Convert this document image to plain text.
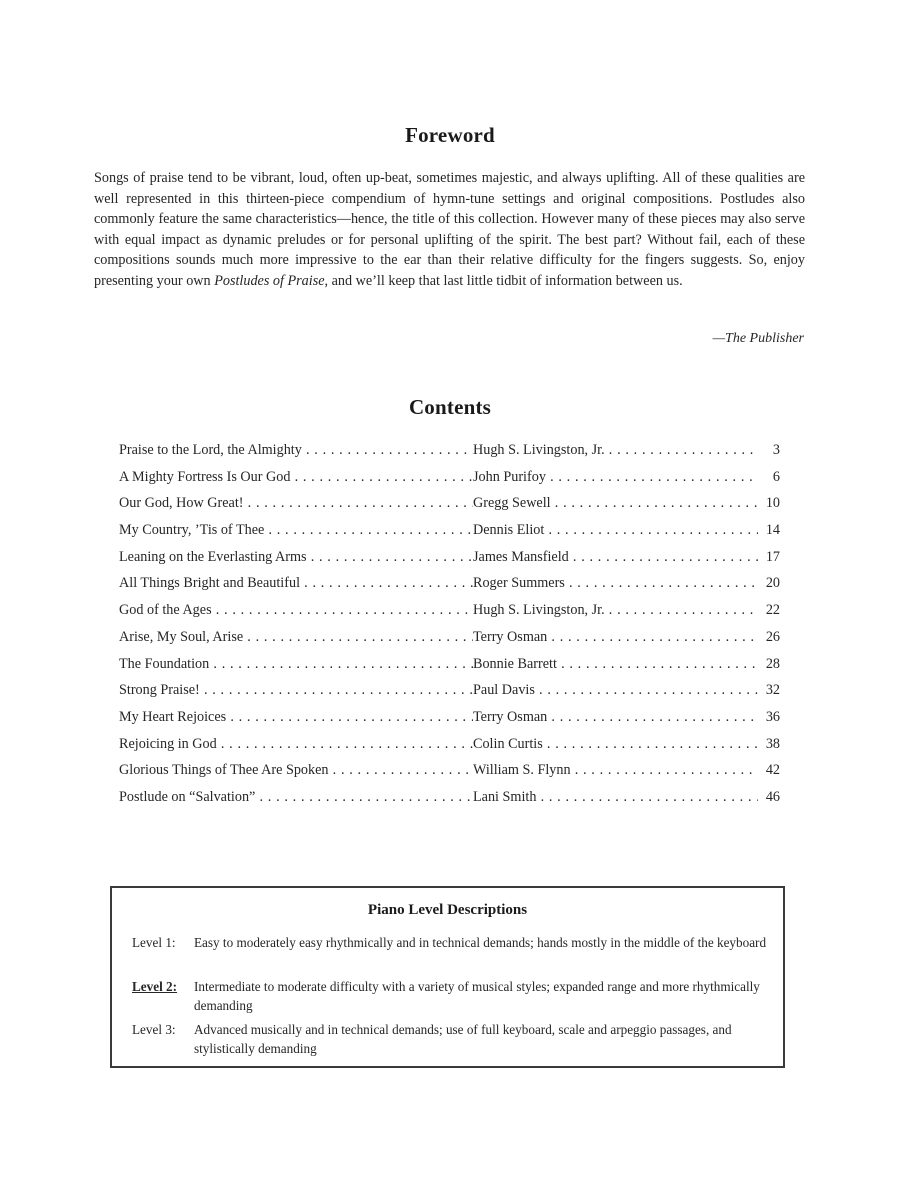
Foreword
Songs of praise tend to be vibrant, loud, often up-beat, sometimes majestic, and always uplifting. All of these qualities are well represented in this thirteen-piece compendium of hymn-tune settings and original compositions. Postludes also commonly feature the same characteristics—hence, the title of this collection. However many of these pieces may also serve with equal impact as dynamic preludes or for personal uplifting of the spirit. The best part? Without fail, each of these compositions sounds much more impressive to the ear than their relative difficulty for the fingers suggests. So, enjoy presenting your own Postludes of Praise, and we’ll keep that last little tidbit of information between us.
—The Publisher
Contents
Praise to the Lord, the Almighty . . .	Hugh S. Livingston, Jr. . . .	3
A Mighty Fortress Is Our God . . .	John Purifoy . . .	6
Our God, How Great! . . .	Gregg Sewell . . .	10
My Country, ’Tis of Thee . . .	Dennis Eliot . . .	14
Leaning on the Everlasting Arms . . .	James Mansfield . . .	17
All Things Bright and Beautiful . . .	Roger Summers . . .	20
God of the Ages . . .	Hugh S. Livingston, Jr. . . .	22
Arise, My Soul, Arise . . .	Terry Osman . . .	26
The Foundation . . .	Bonnie Barrett . . .	28
Strong Praise! . . .	Paul Davis . . .	32
My Heart Rejoices . . .	Terry Osman . . .	36
Rejoicing in God . . .	Colin Curtis . . .	38
Glorious Things of Thee Are Spoken . . .	William S. Flynn . . .	42
Postlude on “Salvation” . . .	Lani Smith . . .	46
Piano Level Descriptions
Level 1:	Easy to moderately easy rhythmically and in technical demands; hands mostly in the middle of the keyboard
Level 2:	Intermediate to moderate difficulty with a variety of musical styles; expanded range and more rhythmically demanding
Level 3:	Advanced musically and in technical demands; use of full keyboard, scale and arpeggio passages, and stylistically demanding
